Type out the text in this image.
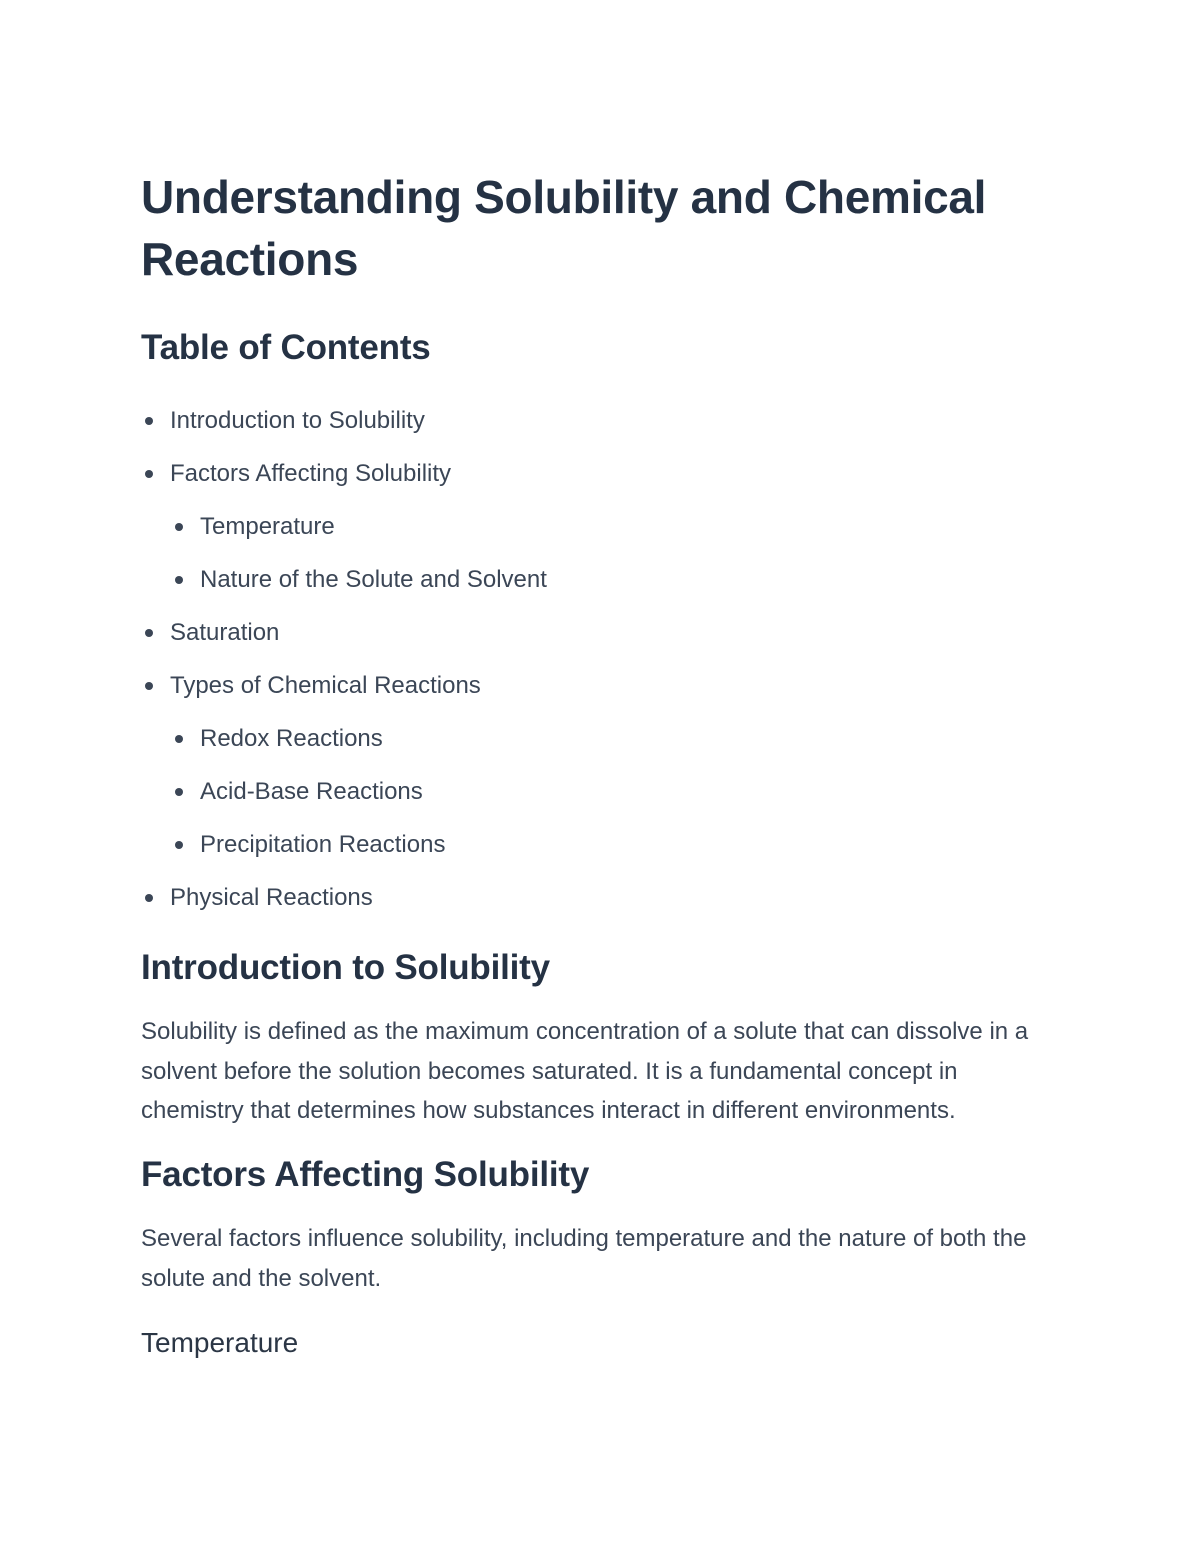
Understanding Solubility and Chemical Reactions
Table of Contents
Introduction to Solubility
Factors Affecting Solubility
Temperature
Nature of the Solute and Solvent
Saturation
Types of Chemical Reactions
Redox Reactions
Acid-Base Reactions
Precipitation Reactions
Physical Reactions
Introduction to Solubility

Solubility is defined as the maximum concentration of a solute that can dissolve in a solvent before the solution becomes saturated. It is a fundamental concept in chemistry that determines how substances interact in different environments.

Factors Affecting Solubility

Several factors influence solubility, including temperature and the nature of both the solute and the solvent.

Temperature
